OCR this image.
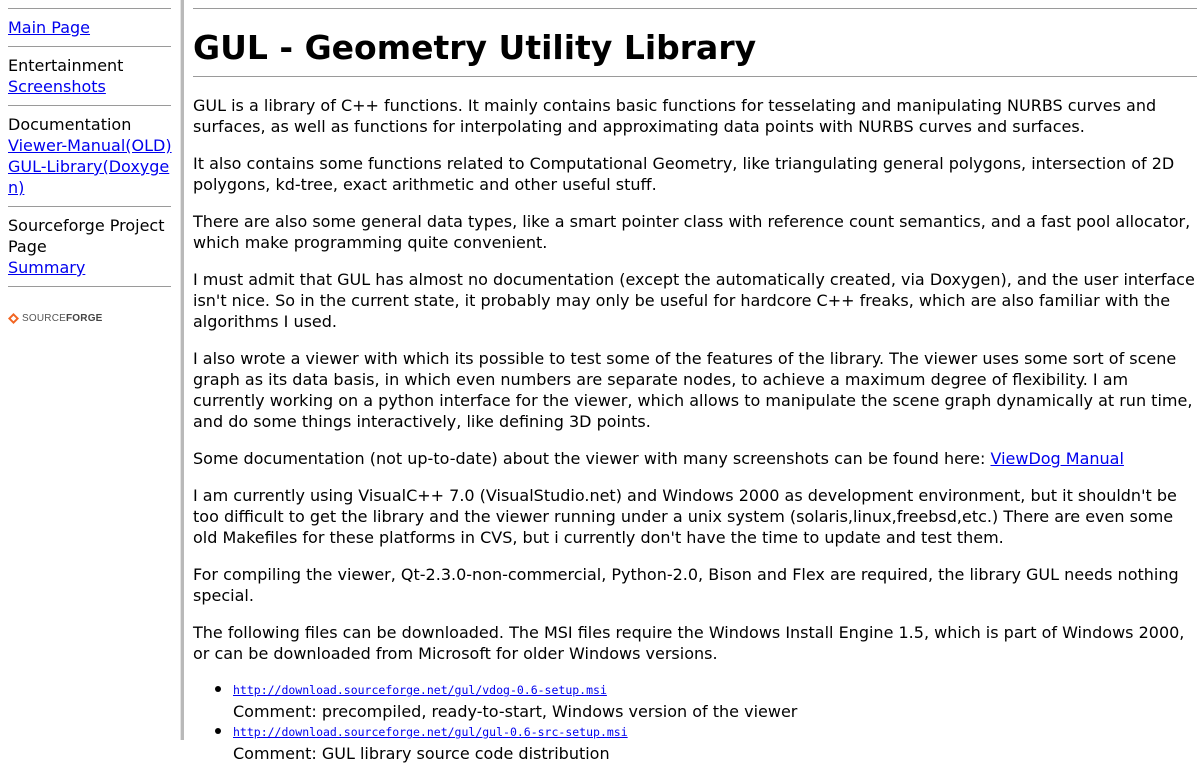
Main Page
Entertainment
Screenshots
Documentation
Viewer-Manual(OLD)
GUL-Library(Doxygen)
Sourceforge Project Page
Summary
SOURCE FORGE
GUL - Geometry Utility Library

GUL is a library of C++ functions. It mainly contains basic functions for tesselating and manipulating NURBS curves and surfaces, as well as functions for interpolating and approximating data points with NURBS curves and surfaces.

It also contains some functions related to Computational Geometry, like triangulating general polygons, intersection of 2D polygons, kd-tree, exact arithmetic and other useful stuff.

There are also some general data types, like a smart pointer class with reference count semantics, and a fast pool allocator, which make programming quite convenient.

I must admit that GUL has almost no documentation (except the automatically created, via Doxygen), and the user interface isn't nice. So in the current state, it probably may only be useful for hardcore C++ freaks, which are also familiar with the algorithms I used.

I also wrote a viewer with which its possible to test some of the features of the library. The viewer uses some sort of scene graph as its data basis, in which even numbers are separate nodes, to achieve a maximum degree of flexibility. I am currently working on a python interface for the viewer, which allows to manipulate the scene graph dynamically at run time, and do some things interactively, like defining 3D points.

Some documentation (not up-to-date) about the viewer with many screenshots can be found here: ViewDog Manual

I am currently using VisualC++ 7.0 (VisualStudio.net) and Windows 2000 as development environment, but it shouldn't be too difficult to get the library and the viewer running under a unix system (solaris,linux,freebsd,etc.) There are even some old Makefiles for these platforms in CVS, but i currently don't have the time to update and test them.

For compiling the viewer, Qt-2.3.0-non-commercial, Python-2.0, Bison and Flex are required, the library GUL needs nothing special.

The following files can be downloaded. The MSI files require the Windows Install Engine 1.5, which is part of Windows 2000, or can be downloaded from Microsoft for older Windows versions.

http://download.sourceforge.net/gul/vdog-0.6-setup.msi
Comment: precompiled, ready-to-start, Windows version of the viewer
http://download.sourceforge.net/gul/gul-0.6-src-setup.msi
Comment: GUL library source code distribution
